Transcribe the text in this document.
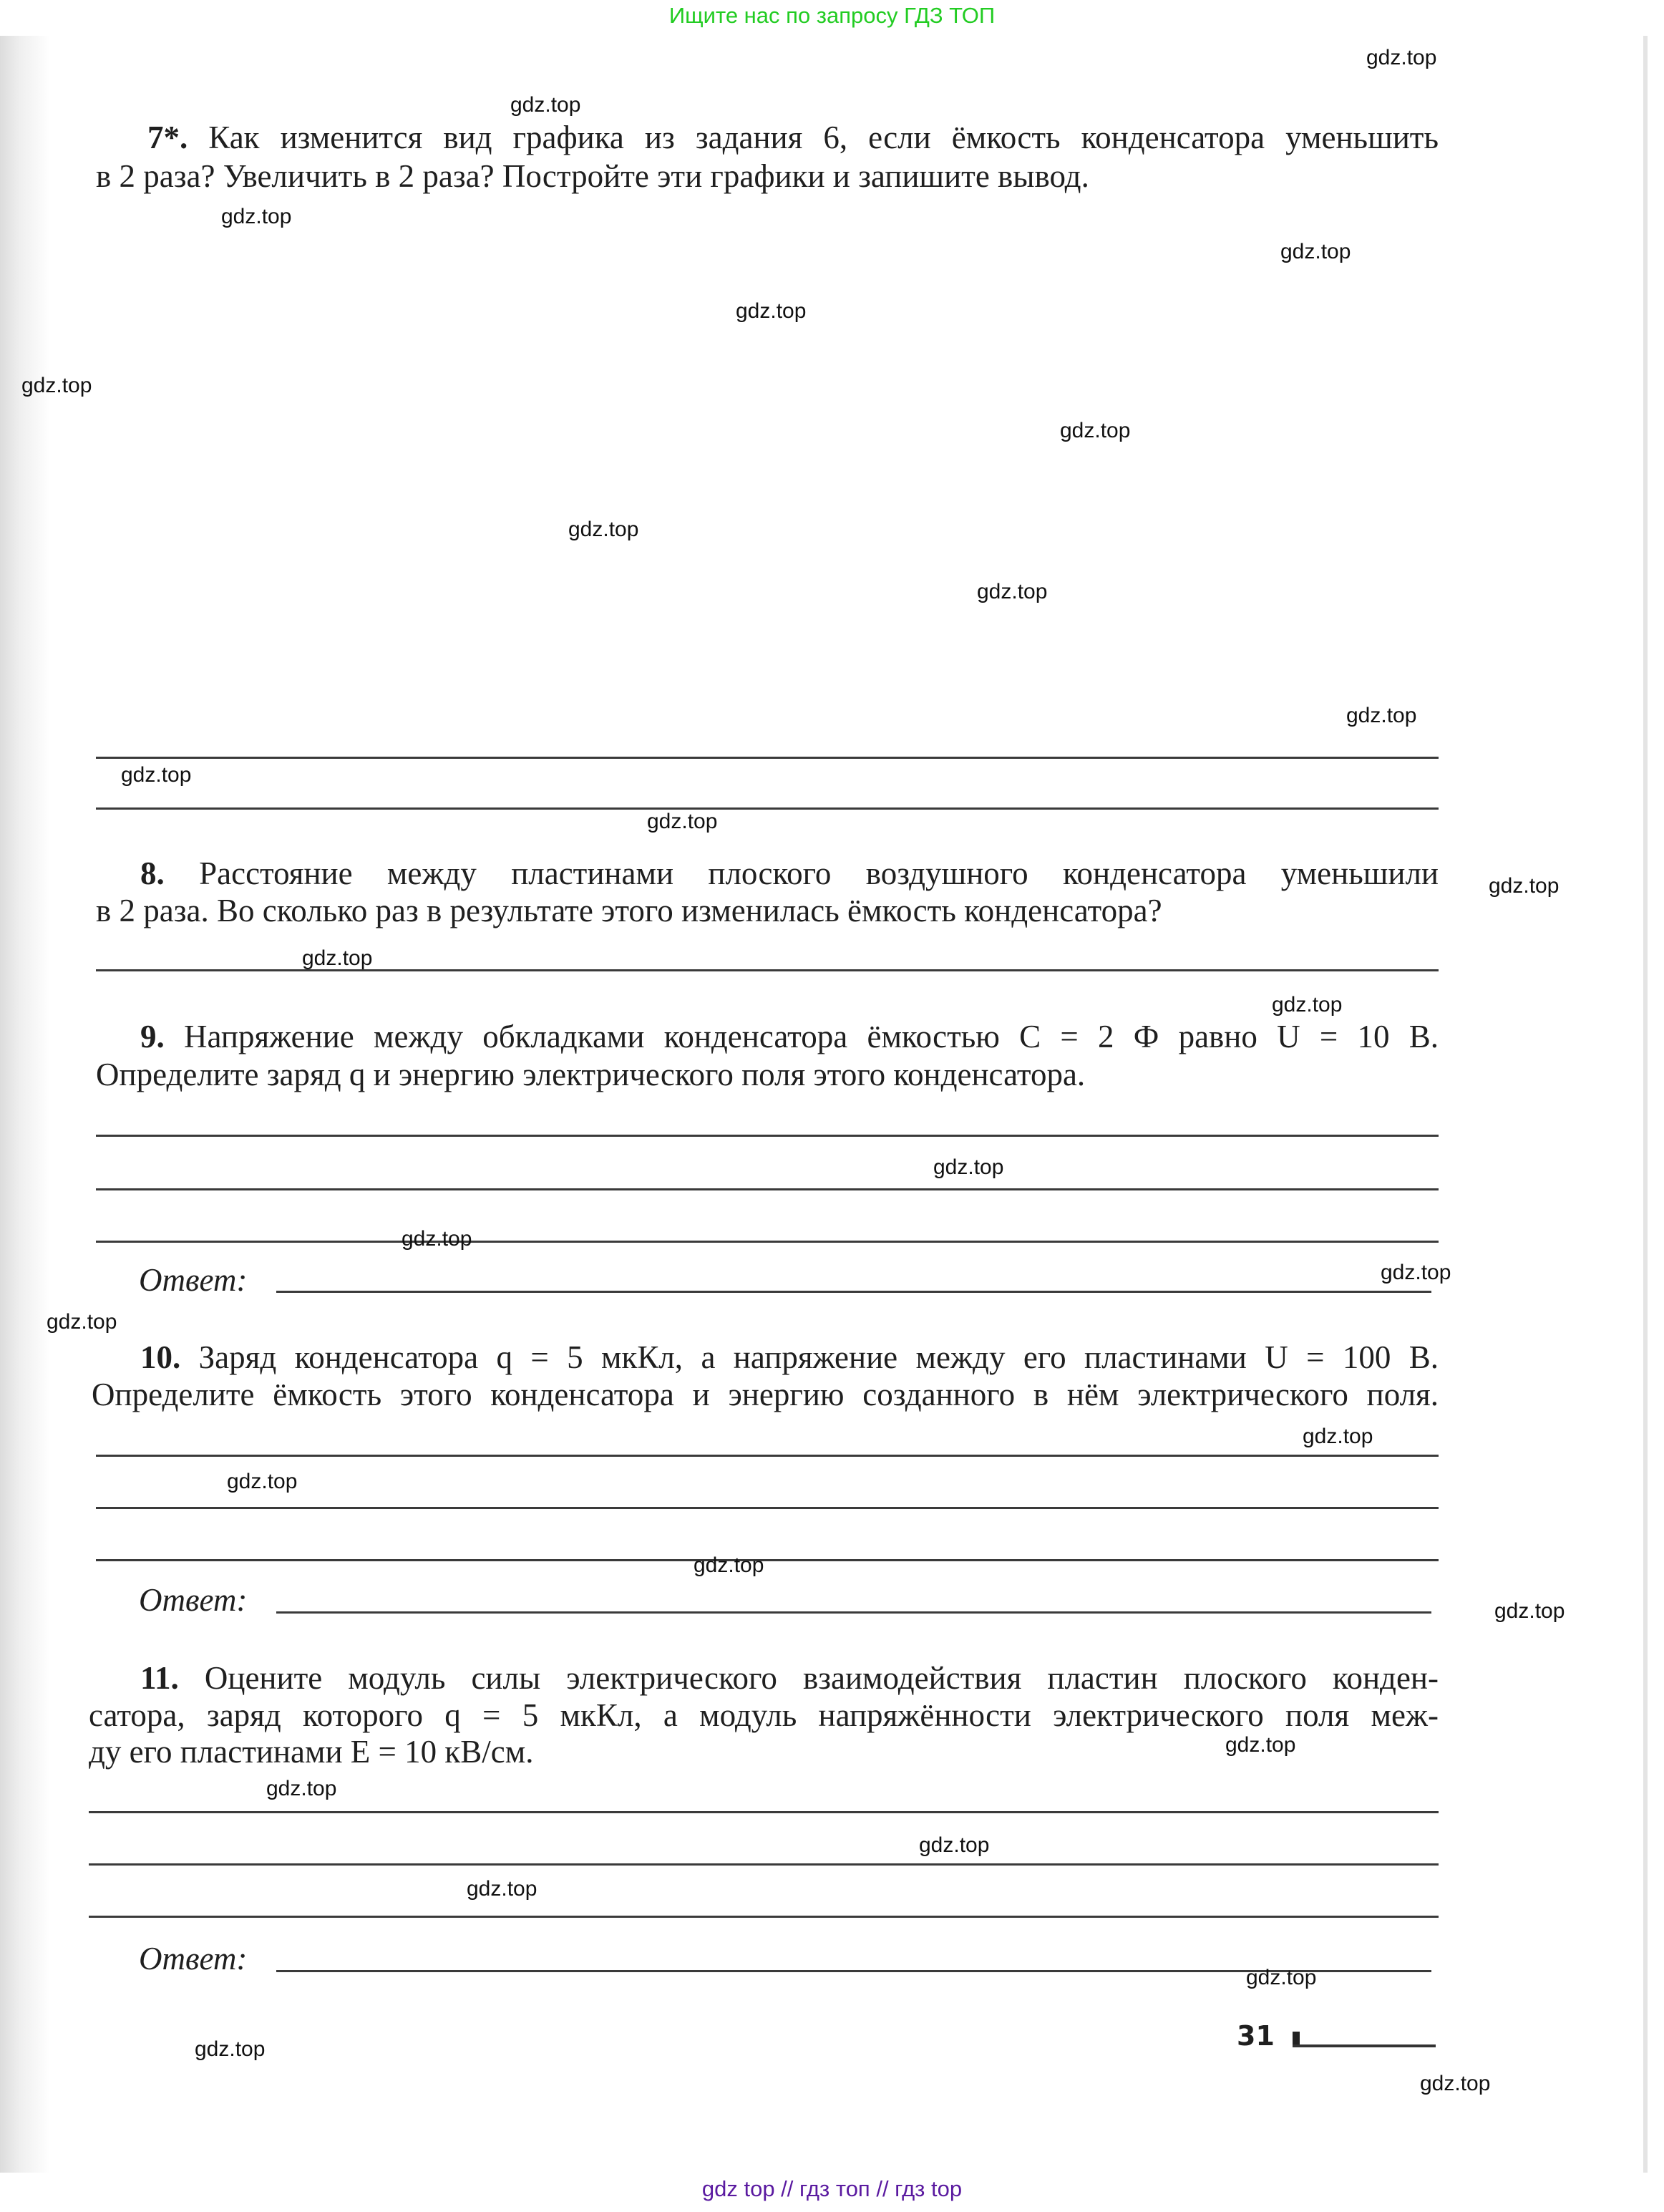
Ищите нас по запросу ГДЗ ТОП
7*. Как изменится вид графика из задания 6, если ёмкость конденсатора уменьшить
в 2 раза? Увеличить в 2 раза? Постройте эти графики и запишите вывод.
8. Расстояние между пластинами плоского воздушного конденсатора уменьшили
в 2 раза. Во сколько раз в результате этого изменилась ёмкость конденсатора?
9. Напряжение между обкладками конденсатора ёмкостью C = 2 Ф равно U = 10 В.
Определите заряд q и энергию электрического поля этого конденсатора.
Ответ:
10. Заряд конденсатора q = 5 мкКл, а напряжение между его пластинами U = 100 В.
Определите ёмкость этого конденсатора и энергию созданного в нём электрического поля.
Ответ:
11. Оцените модуль силы электрического взаимодействия пластин плоского конден-
сатора, заряд которого q = 5 мкКл, а модуль напряжённости электрического поля меж-
ду его пластинами E = 10 кВ/см.
Ответ:
31
gdz.top
gdz.top
gdz.top
gdz.top
gdz.top
gdz.top
gdz.top
gdz.top
gdz.top
gdz.top
gdz.top
gdz.top
gdz.top
gdz.top
gdz.top
gdz.top
gdz.top
gdz.top
gdz.top
gdz.top
gdz.top
gdz.top
gdz.top
gdz.top
gdz.top
gdz.top
gdz.top
gdz.top
gdz.top
gdz.top
gdz top // гдз топ // гдз top
